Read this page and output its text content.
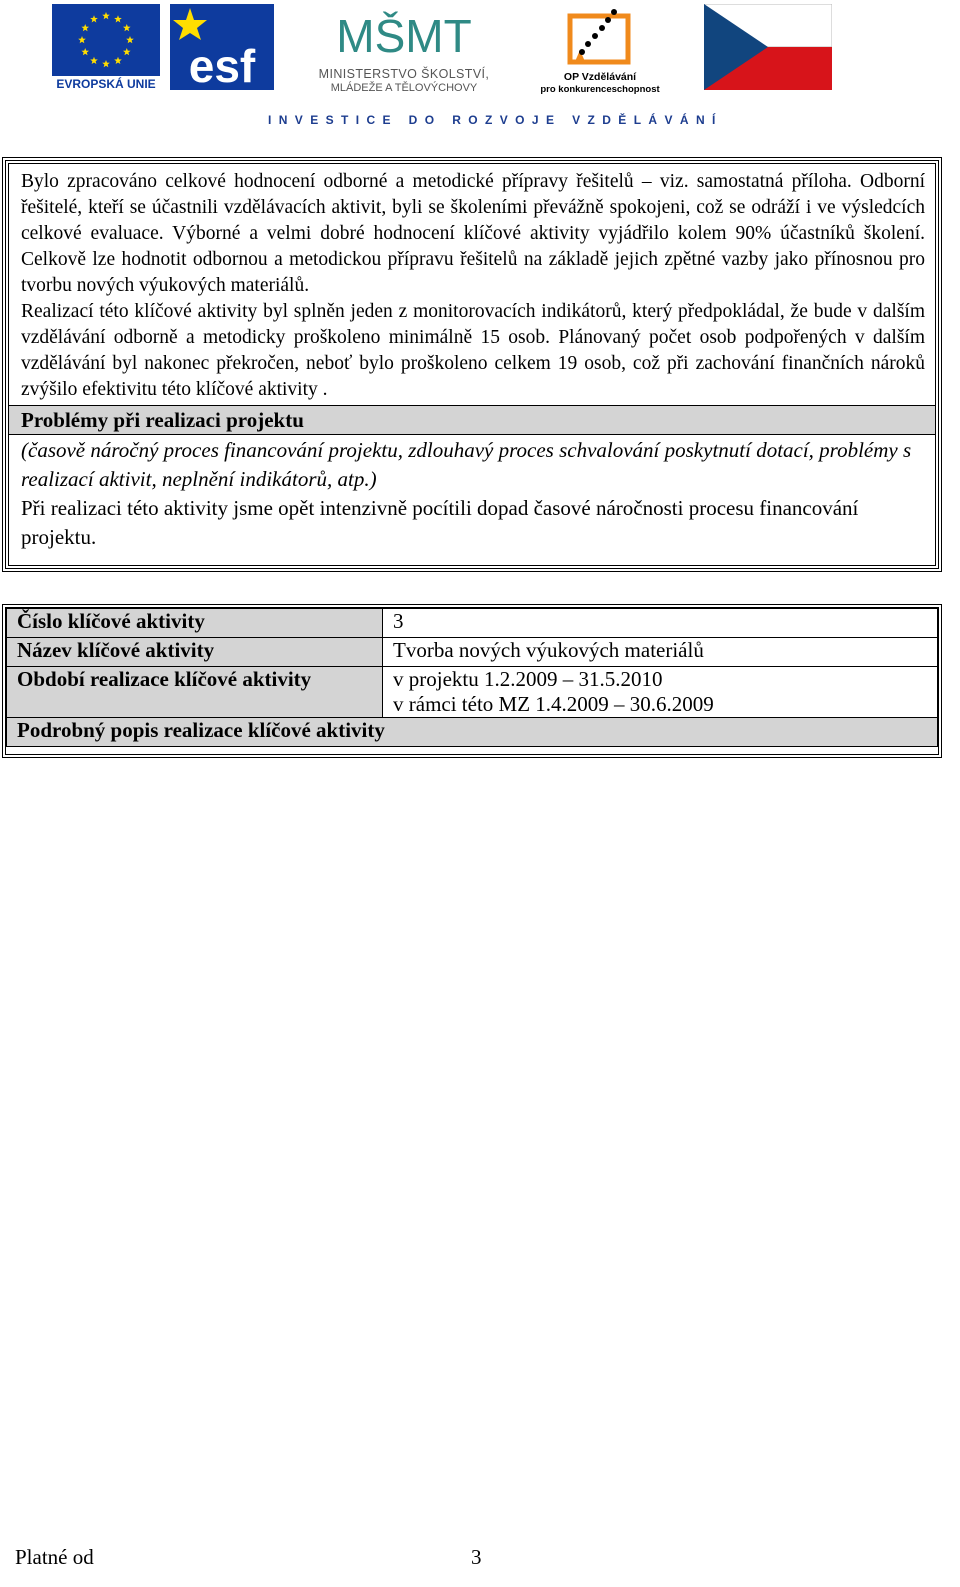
EVROPSKÁ UNIE esf
MŠMT
MINISTERSTVO ŠKOLSTVÍ,
MLÁDEŽE A TĚLOVÝCHOVY
OP Vzdělávání
pro konkurenceschopnost
INVESTICE DO ROZVOJE VZDĚLÁVÁNÍ

Bylo zpracováno celkové hodnocení odborné a metodické přípravy řešitelů – viz. samostatná příloha. Odborní řešitelé, kteří se účastnili vzdělávacích aktivit, byli se školeními převážně spokojeni, což se odráží i ve výsledcích celkové evaluace. Výborné a velmi dobré hodnocení klíčové aktivity vyjádřilo kolem 90% účastníků školení. Celkově lze hodnotit odbornou a metodickou přípravu řešitelů na základě jejich zpětné vazby jako přínosnou pro tvorbu nových výukových materiálů.

Realizací této klíčové aktivity byl splněn jeden z monitorovacích indikátorů, který předpokládal, že bude v dalším vzdělávání odborně a metodicky proškoleno minimálně 15 osob. Plánovaný počet osob podpořených v dalším vzdělávání byl nakonec překročen, neboť bylo proškoleno celkem 19 osob, což při zachování finančních nároků zvýšilo efektivitu této klíčové aktivity .

Problémy při realizaci projektu

(časově náročný proces financování projektu, zdlouhavý proces schvalování poskytnutí dotací, problémy s realizací aktivit, neplnění indikátorů, atp.)

Při realizaci této aktivity jsme opět intenzivně pocítili dopad časové náročnosti procesu financování projektu.

Číslo klíčové aktivity	3
Název klíčové aktivity	Tvorba nových výukových materiálů
Období realizace klíčové aktivity	v projektu 1.2.2009 – 31.5.2010
v rámci této MZ 1.4.2009 – 30.6.2009

Podrobný popis realizace klíčové aktivity	
Platné od	3
